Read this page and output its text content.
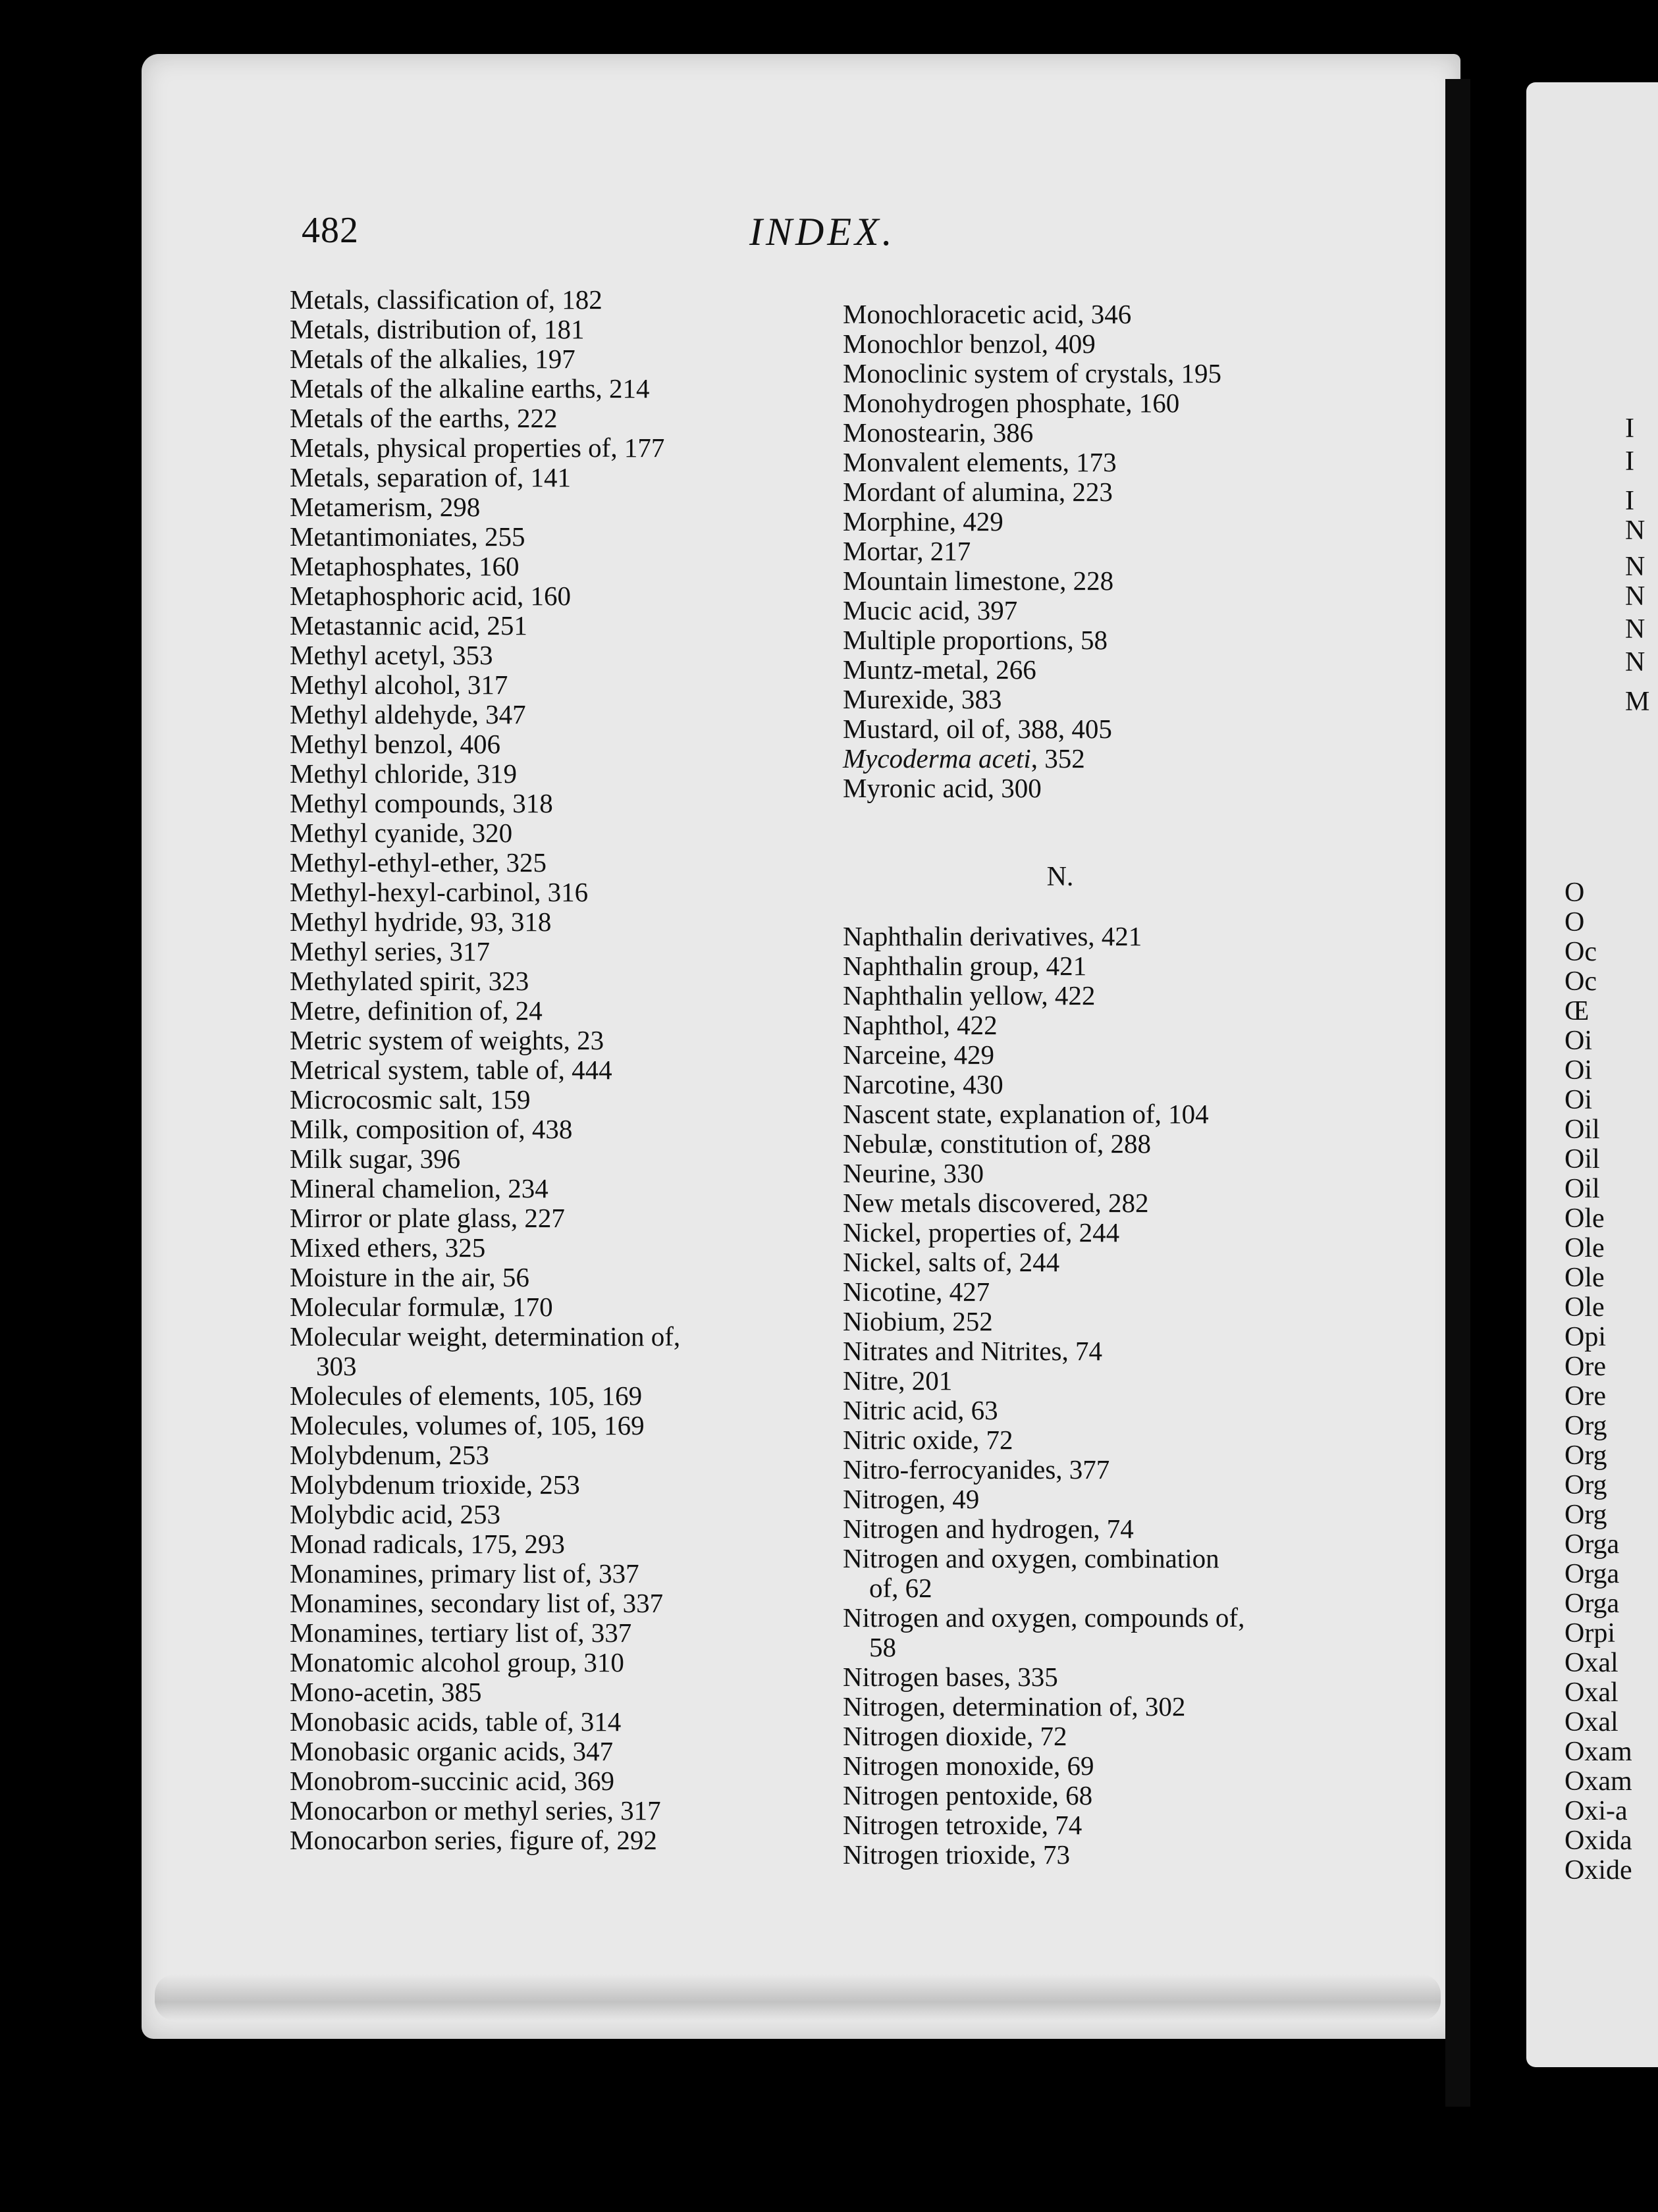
I
I
I
N
N
N
N
N
M
O
O
Oc
Oc
Œ
Oi
Oi
Oi
Oil
Oil
Oil
Ole
Ole
Ole
Ole
Opi
Ore
Ore
Org
Org
Org
Org
Orga
Orga
Orga
Orpi
Oxal
Oxal
Oxal
Oxam
Oxam
Oxi-a
Oxida
Oxide
482	INDEX.
Metals, classification of, 182
Metals, distribution of, 181
Metals of the alkalies, 197
Metals of the alkaline earths, 214
Metals of the earths, 222
Metals, physical properties of, 177
Metals, separation of, 141
Metamerism, 298
Metantimoniates, 255
Metaphosphates, 160
Metaphosphoric acid, 160
Metastannic acid, 251
Methyl acetyl, 353
Methyl alcohol, 317
Methyl aldehyde, 347
Methyl benzol, 406
Methyl chloride, 319
Methyl compounds, 318
Methyl cyanide, 320
Methyl-ethyl-ether, 325
Methyl-hexyl-carbinol, 316
Methyl hydride, 93, 318
Methyl series, 317
Methylated spirit, 323
Metre, definition of, 24
Metric system of weights, 23
Metrical system, table of, 444
Microcosmic salt, 159
Milk, composition of, 438
Milk sugar, 396
Mineral chamelion, 234
Mirror or plate glass, 227
Mixed ethers, 325
Moisture in the air, 56
Molecular formulæ, 170
Molecular weight, determination of,
303
Molecules of elements, 105, 169
Molecules, volumes of, 105, 169
Molybdenum, 253
Molybdenum trioxide, 253
Molybdic acid, 253
Monad radicals, 175, 293
Monamines, primary list of, 337
Monamines, secondary list of, 337
Monamines, tertiary list of, 337
Monatomic alcohol group, 310
Mono-acetin, 385
Monobasic acids, table of, 314
Monobasic organic acids, 347
Monobrom-succinic acid, 369
Monocarbon or methyl series, 317
Monocarbon series, figure of, 292
Monochloracetic acid, 346
Monochlor benzol, 409
Monoclinic system of crystals, 195
Monohydrogen phosphate, 160
Monostearin, 386
Monvalent elements, 173
Mordant of alumina, 223
Morphine, 429
Mortar, 217
Mountain limestone, 228
Mucic acid, 397
Multiple proportions, 58
Muntz-metal, 266
Murexide, 383
Mustard, oil of, 388, 405
Mycoderma aceti, 352
Myronic acid, 300
N.
Naphthalin derivatives, 421
Naphthalin group, 421
Naphthalin yellow, 422
Naphthol, 422
Narceine, 429
Narcotine, 430
Nascent state, explanation of, 104
Nebulæ, constitution of, 288
Neurine, 330
New metals discovered, 282
Nickel, properties of, 244
Nickel, salts of, 244
Nicotine, 427
Niobium, 252
Nitrates and Nitrites, 74
Nitre, 201
Nitric acid, 63
Nitric oxide, 72
Nitro-ferrocyanides, 377
Nitrogen, 49
Nitrogen and hydrogen, 74
Nitrogen and oxygen, combination
of, 62
Nitrogen and oxygen, compounds of,
58
Nitrogen bases, 335
Nitrogen, determination of, 302
Nitrogen dioxide, 72
Nitrogen monoxide, 69
Nitrogen pentoxide, 68
Nitrogen tetroxide, 74
Nitrogen trioxide, 73
